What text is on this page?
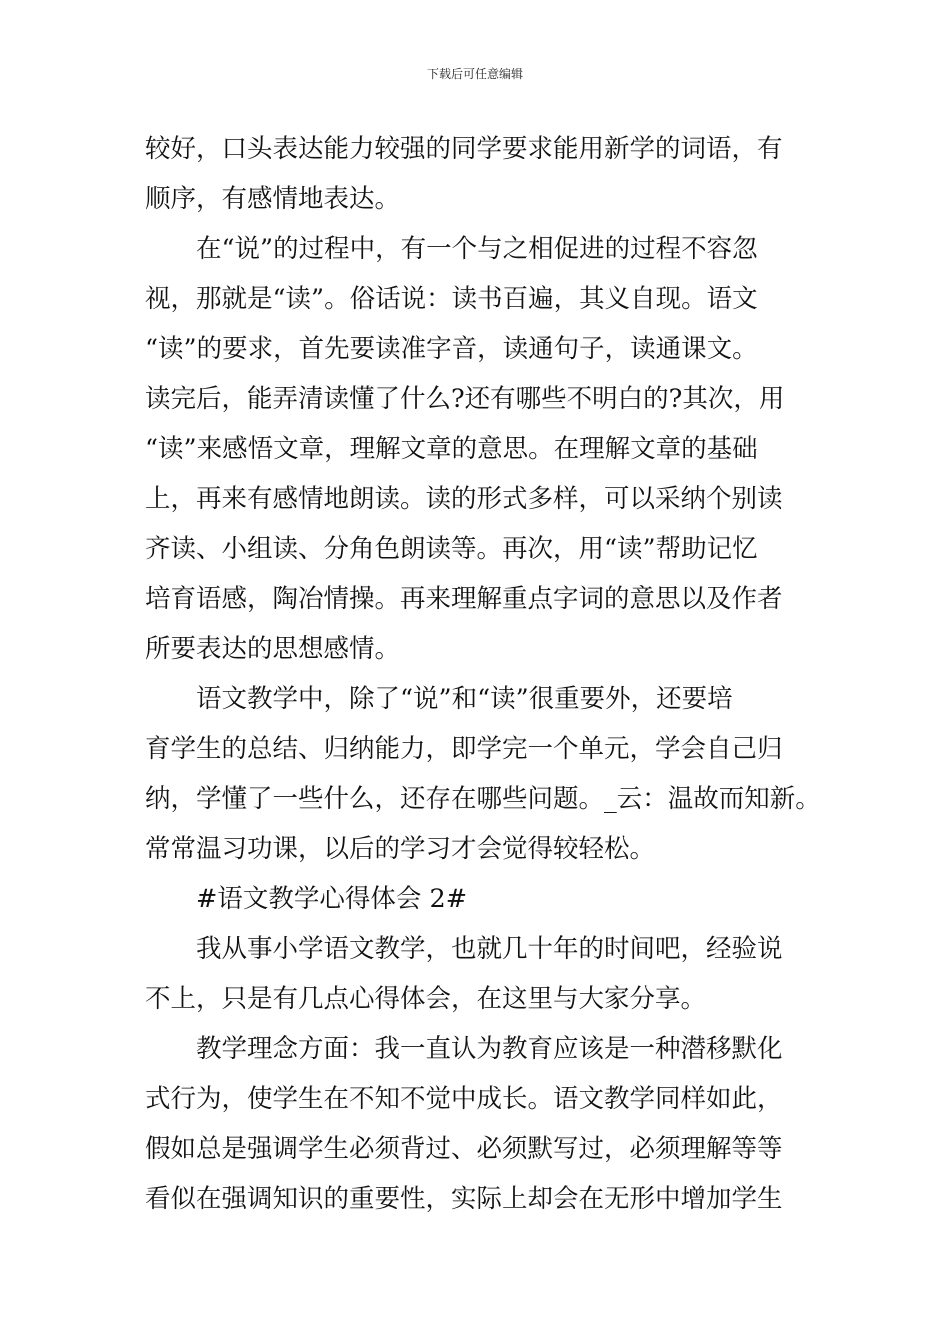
下载后可任意编辑
较好，口头表达能力较强的同学要求能用新学的词语，有
顺序，有感情地表达。
　　在“说”的过程中，有一个与之相促进的过程不容忽
视，那就是“读”。俗话说：读书百遍，其义自现。语文
“读”的要求，首先要读准字音，读通句子，读通课文。
读完后，能弄清读懂了什么?还有哪些不明白的?其次，用
“读”来感悟文章，理解文章的意思。在理解文章的基础
上，再来有感情地朗读。读的形式多样，可以采纳个别读
齐读、小组读、分角色朗读等。再次，用“读”帮助记忆
培育语感，陶冶情操。再来理解重点字词的意思以及作者
所要表达的思想感情。
　　语文教学中，除了“说”和“读”很重要外，还要培
育学生的总结、归纳能力，即学完一个单元，学会自己归
纳，学懂了一些什么，还存在哪些问题。_云：温故而知新。
常常温习功课，以后的学习才会觉得较轻松。
　　#语文教学心得体会 2#
　　我从事小学语文教学，也就几十年的时间吧，经验说
不上，只是有几点心得体会，在这里与大家分享。
　　教学理念方面：我一直认为教育应该是一种潜移默化
式行为，使学生在不知不觉中成长。语文教学同样如此，
假如总是强调学生必须背过、必须默写过，必须理解等等
看似在强调知识的重要性，实际上却会在无形中增加学生
